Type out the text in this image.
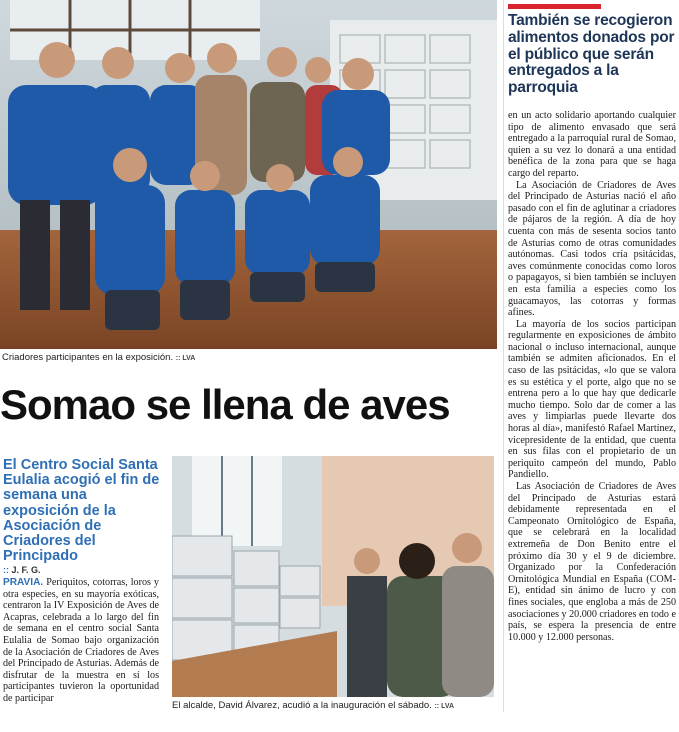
Criadores participantes en la exposición. :: LVA
También se recogieron alimentos donados por el público que serán entregados a la parroquia

en un acto solidario aportando cualquier tipo de alimento envasado que será entregado a la parroquial rural de Somao, quien a su vez lo donará a una entidad benéfica de la zona para que se haga cargo del reparto.

La Asociación de Criadores de Aves del Principado de Asturias nació el año pasado con el fin de aglutinar a criadores de pájaros de la región. A día de hoy cuenta con más de sesenta socios tanto de Asturias como de otras comunidades autónomas. Casi todos cría psitácidas, aves comúnmente conocidas como loros o papagayos, si bien también se incluyen en esta familia a especies como los guacamayos, las cotorras y formas afines.

La mayoría de los socios participan regularmente en exposiciones de ámbito nacional o incluso internacional, aunque también se admiten aficionados. En el caso de las psitácidas, «lo que se valora es su estética y el porte, algo que no se entrena pero a lo que hay que dedicarle mucho tiempo. Solo dar de comer a las aves y limpiarlas puede llevarte dos horas al día», manifestó Rafael Martínez, vicepresidente de la entidad, que cuenta en sus filas con el propietario de un periquito campeón del mundo, Pablo Pandiello.

Las Asociación de Criadores de Aves del Principado de Asturias estará debidamente representada en el Campeonato Ornitológico de España, que se celebrará en la localidad extremeña de Don Benito entre el próximo día 30 y el 9 de diciembre. Organizado por la Confederación Ornitológica Mundial en España (COM-E), entidad sin ánimo de lucro y con fines sociales, que engloba a más de 250 asociaciones y 20.000 criadores en todo e país, se espera la presencia de entre 10.000 y 12.000 personas.

Somao se llena de aves
El Centro Social Santa Eulalia acogió el fin de semana una exposición de la Asociación de Criadores del Principado
:: J. F. G.

PRAVIA. Periquitos, cotorras, loros y otra especies, en su mayoría exóticas, centraron la IV Exposición de Aves de Acapras, celebrada a lo largo del fin de semana en el centro social Santa Eulalia de Somao bajo organización de la Asociación de Criadores de Aves del Principado de Asturias. Además de disfrutar de la muestra en sí los participantes tuvieron la oportunidad de participar

El alcalde, David Álvarez, acudió a la inauguración el sábado. :: LVA
